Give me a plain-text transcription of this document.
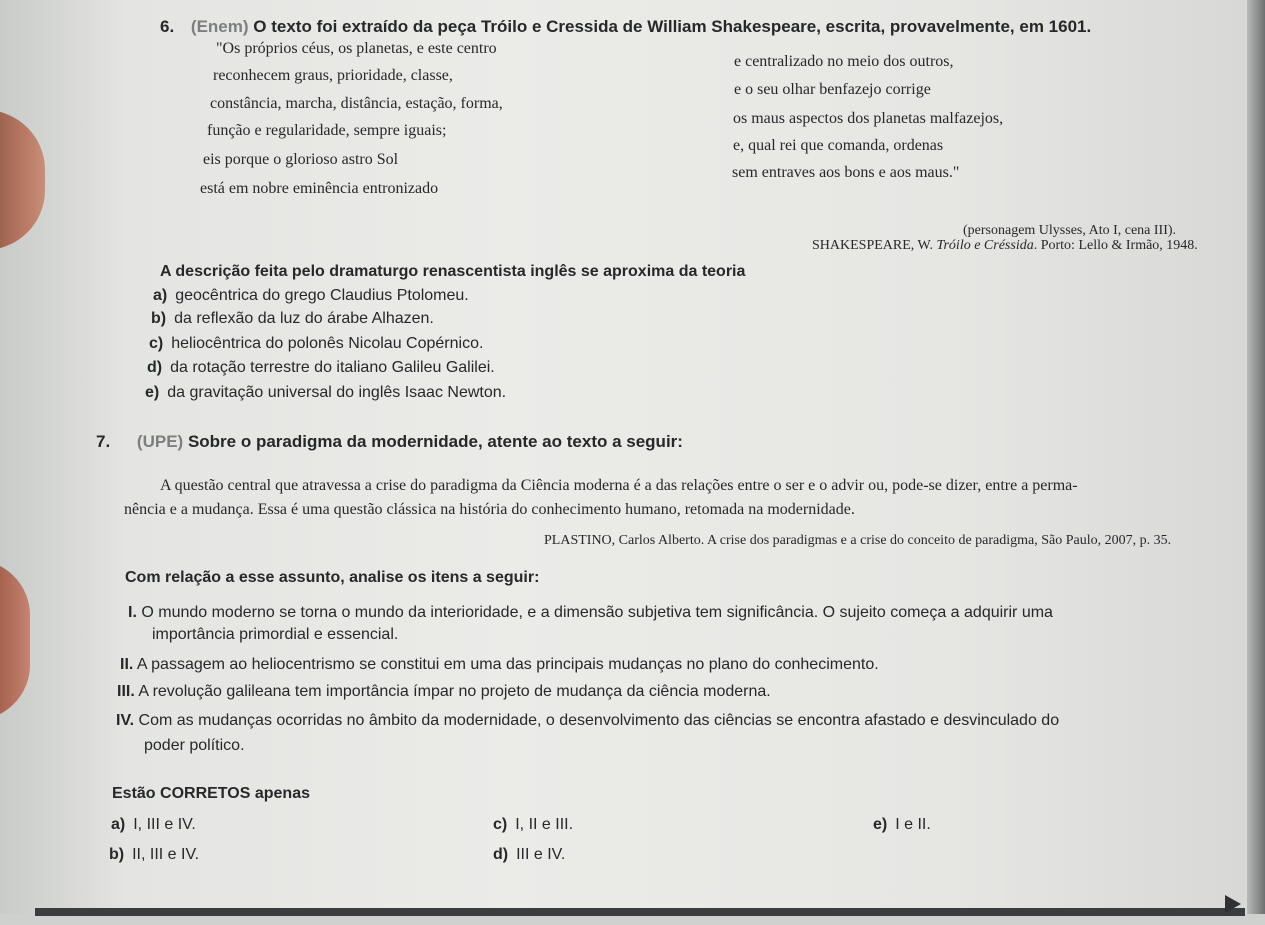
6. (Enem) O texto foi extraído da peça Tróilo e Cressida de William Shakespeare, escrita, provavelmente, em 1601.
"Os próprios céus, os planetas, e este centro
reconhecem graus, prioridade, classe,
constância, marcha, distância, estação, forma,
função e regularidade, sempre iguais;
eis porque o glorioso astro Sol
está em nobre eminência entronizado
e centralizado no meio dos outros,
e o seu olhar benfazejo corrige
os maus aspectos dos planetas malfazejos,
e, qual rei que comanda, ordenas
sem entraves aos bons e aos maus."
(personagem Ulysses, Ato I, cena III).
SHAKESPEARE, W. Tróilo e Créssida. Porto: Lello & Irmão, 1948.
A descrição feita pelo dramaturgo renascentista inglês se aproxima da teoria
a) geocêntrica do grego Claudius Ptolomeu.
b) da reflexão da luz do árabe Alhazen.
c) heliocêntrica do polonês Nicolau Copérnico.
d) da rotação terrestre do italiano Galileu Galilei.
e) da gravitação universal do inglês Isaac Newton.
7. (UPE) Sobre o paradigma da modernidade, atente ao texto a seguir:
A questão central que atravessa a crise do paradigma da Ciência moderna é a das relações entre o ser e o advir ou, pode-se dizer, entre a perma-
nência e a mudança. Essa é uma questão clássica na história do conhecimento humano, retomada na modernidade.
PLASTINO, Carlos Alberto. A crise dos paradigmas e a crise do conceito de paradigma, São Paulo, 2007, p. 35.
Com relação a esse assunto, analise os itens a seguir:
I. O mundo moderno se torna o mundo da interioridade, e a dimensão subjetiva tem significância. O sujeito começa a adquirir uma
importância primordial e essencial.
II. A passagem ao heliocentrismo se constitui em uma das principais mudanças no plano do conhecimento.
III. A revolução galileana tem importância ímpar no projeto de mudança da ciência moderna.
IV. Com as mudanças ocorridas no âmbito da modernidade, o desenvolvimento das ciências se encontra afastado e desvinculado do
poder político.
Estão CORRETOS apenas
a) I, III e IV.
b) II, III e IV.
c) I, II e III.
d) III e IV.
e) I e II.
